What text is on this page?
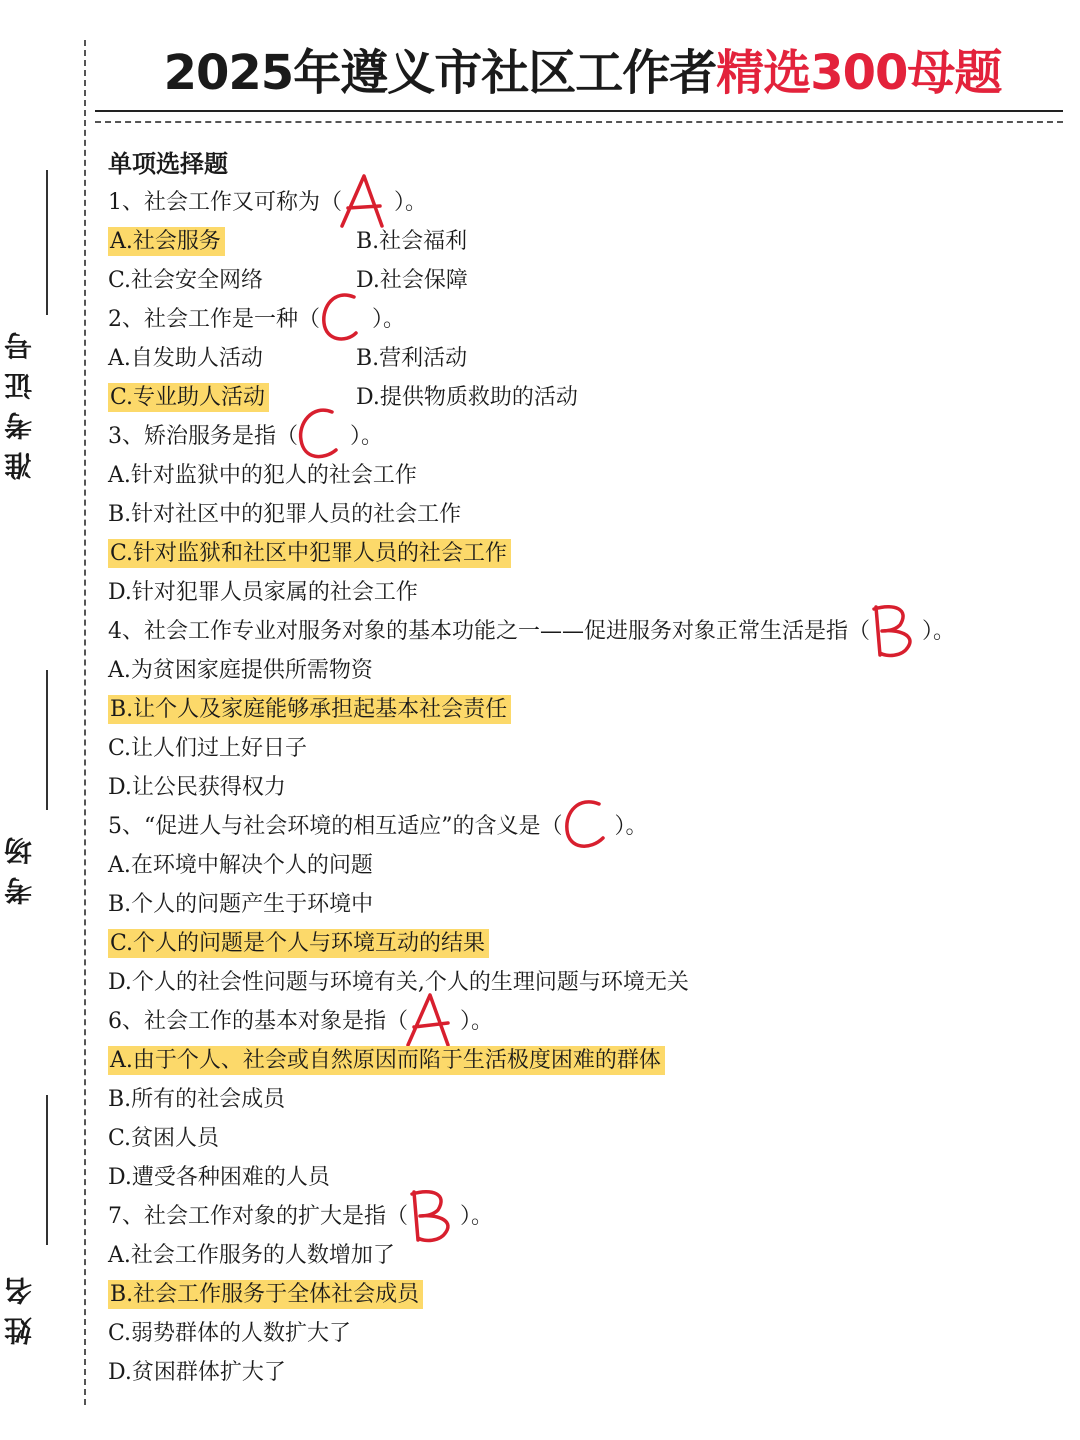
准考证号
考场
姓名
2025年遵义市社区工作者精选300母题
单项选择题
1、社会工作又可称为（ ）。
A.社会服务	B.社会福利
C.社会安全网络	D.社会保障
2、社会工作是一种（ ）。
A.自发助人活动	B.营利活动
C.专业助人活动	D.提供物质救助的活动
3、矫治服务是指（ ）。
A.针对监狱中的犯人的社会工作
B.针对社区中的犯罪人员的社会工作
C.针对监狱和社区中犯罪人员的社会工作
D.针对犯罪人员家属的社会工作
4、社会工作专业对服务对象的基本功能之一——促进服务对象正常生活是指（ ）。
A.为贫困家庭提供所需物资
B.让个人及家庭能够承担起基本社会责任
C.让人们过上好日子
D.让公民获得权力
5、“促进人与社会环境的相互适应”的含义是（ ）。
A.在环境中解决个人的问题
B.个人的问题产生于环境中
C.个人的问题是个人与环境互动的结果
D.个人的社会性问题与环境有关,个人的生理问题与环境无关
6、社会工作的基本对象是指（ ）。
A.由于个人、社会或自然原因而陷于生活极度困难的群体
B.所有的社会成员
C.贫困人员
D.遭受各种困难的人员
7、社会工作对象的扩大是指（ ）。
A.社会工作服务的人数增加了
B.社会工作服务于全体社会成员
C.弱势群体的人数扩大了
D.贫困群体扩大了
